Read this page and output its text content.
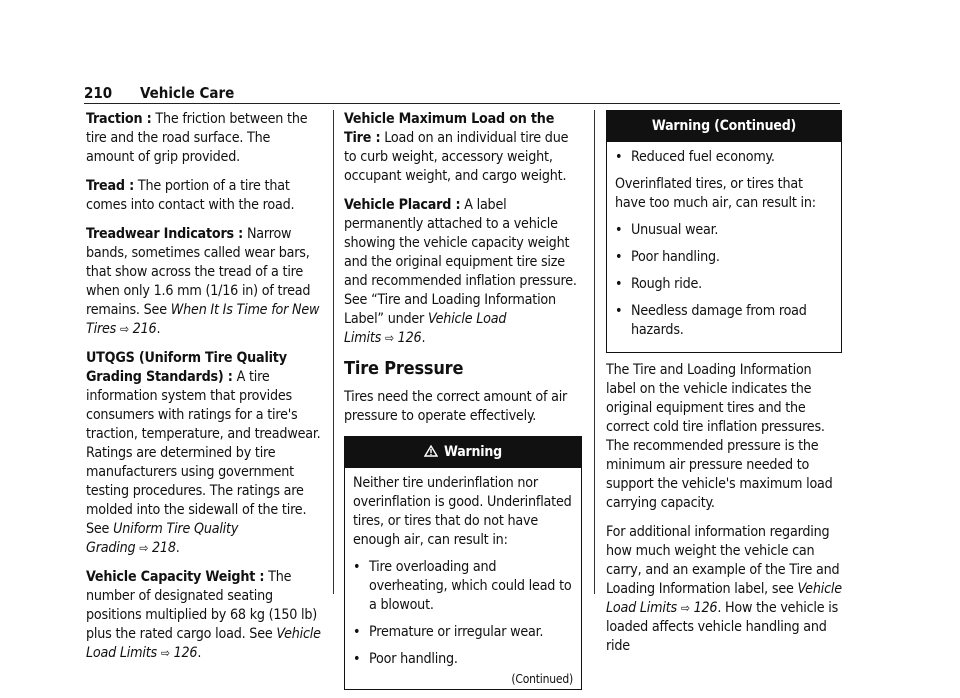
210 Vehicle Care

Traction : The friction between the tire and the road surface. The amount of grip provided.

Tread : The portion of a tire that comes into contact with the road.

Treadwear Indicators : Narrow bands, sometimes called wear bars, that show across the tread of a tire when only 1.6 mm (1/16 in) of tread remains. See When It Is Time for New Tires ⇨ 216.

UTQGS (Uniform Tire Quality Grading Standards) : A tire information system that provides consumers with ratings for a tire's traction, temperature, and treadwear. Ratings are determined by tire manufacturers using government testing procedures. The ratings are molded into the sidewall of the tire. See Uniform Tire Quality Grading ⇨ 218.

Vehicle Capacity Weight : The number of designated seating positions multiplied by 68 kg (150 lb) plus the rated cargo load. See Vehicle Load Limits ⇨ 126.

Vehicle Maximum Load on the Tire : Load on an individual tire due to curb weight, accessory weight, occupant weight, and cargo weight.

Vehicle Placard : A label permanently attached to a vehicle showing the vehicle capacity weight and the original equipment tire size and recommended inflation pressure. See “Tire and Loading Information Label” under Vehicle Load Limits ⇨ 126.

Tire Pressure

Tires need the correct amount of air pressure to operate effectively.

Warning

Neither tire underinflation nor overinflation is good. Underinflated tires, or tires that do not have enough air, can result in:

• Tire overloading and overheating, which could lead to a blowout.
• Premature or irregular wear.
• Poor handling.
(Continued)
Warning (Continued)
• Reduced fuel economy.

Overinflated tires, or tires that have too much air, can result in:

• Unusual wear.
• Poor handling.
• Rough ride.
• Needless damage from road hazards.

The Tire and Loading Information label on the vehicle indicates the original equipment tires and the correct cold tire inflation pressures. The recommended pressure is the minimum air pressure needed to support the vehicle's maximum load carrying capacity.

For additional information regarding how much weight the vehicle can carry, and an example of the Tire and Loading Information label, see Vehicle Load Limits ⇨ 126. How the vehicle is loaded affects vehicle handling and ride
